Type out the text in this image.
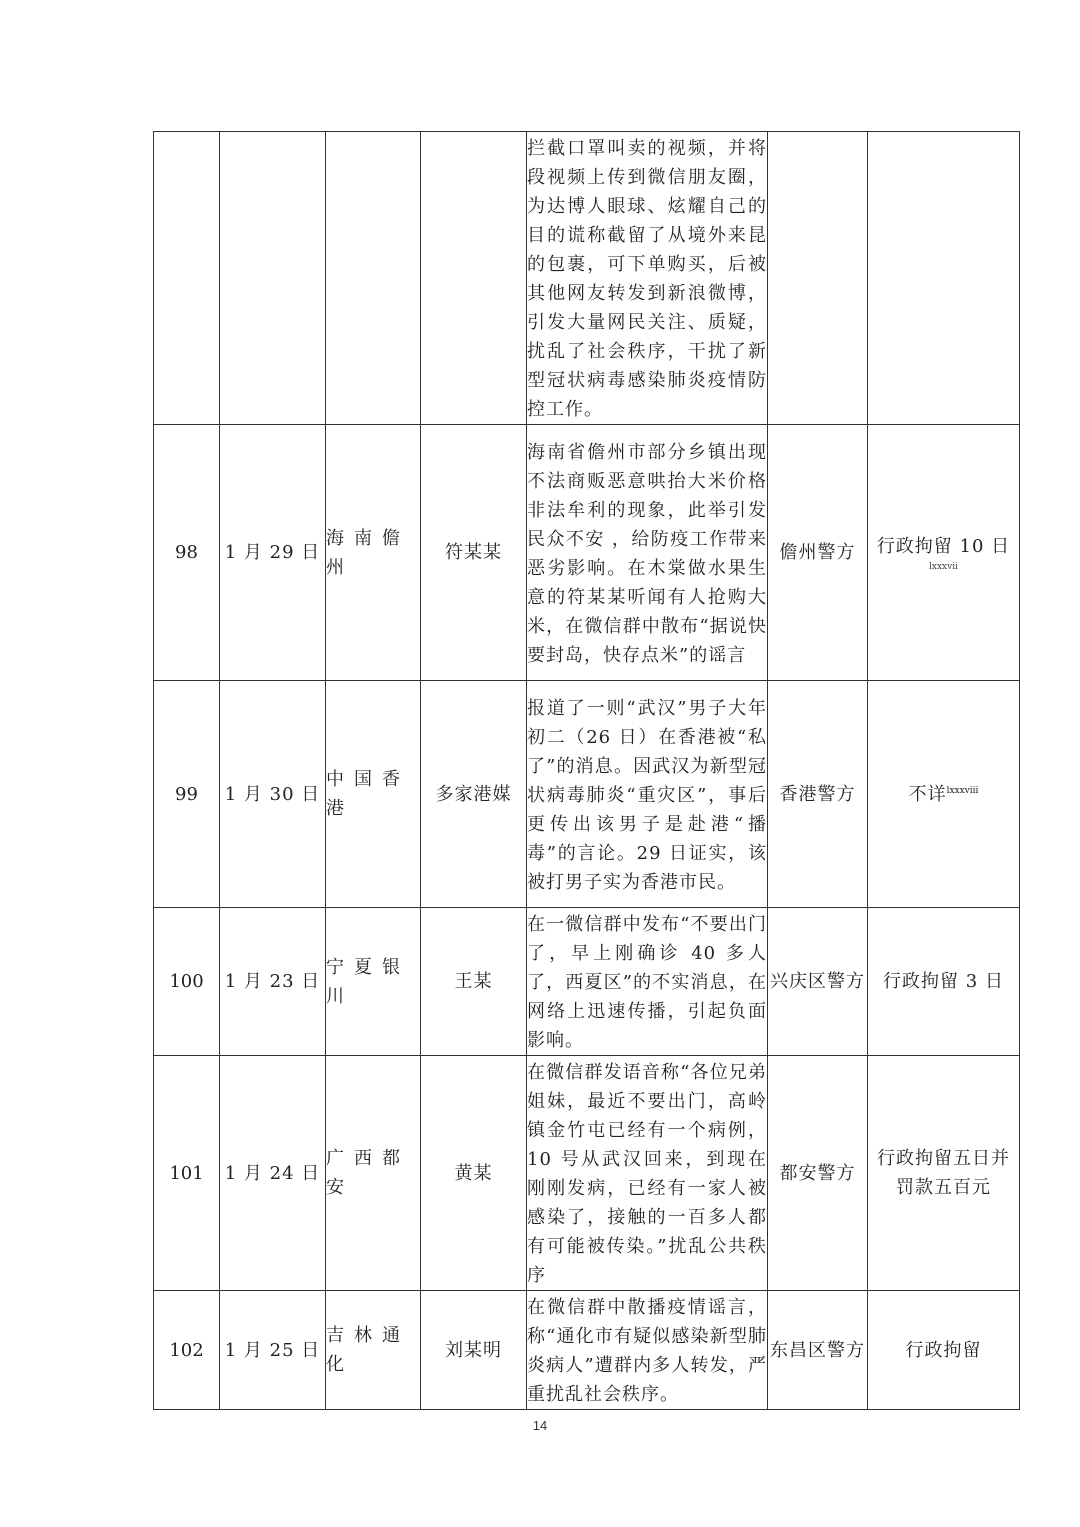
				拦截口罩叫卖的视频，并将段视频上传到微信朋友圈，为达博人眼球、炫耀自己的目的谎称截留了从境外来昆的包裹，可下单购买，后被其他网友转发到新浪微博，引发大量网民关注、质疑，扰乱了社会秩序，干扰了新型冠状病毒感染肺炎疫情防控工作。		

98	1 月 29 日	海南儋州	符某某	海南省儋州市部分乡镇出现不法商贩恶意哄抬大米价格非法牟利的现象，此举引发民众不安 ，给防疫工作带来恶劣影响。在木棠做水果生意的符某某听闻有人抢购大米，在微信群中散布“据说快要封岛，快存点米”的谣言	儋州警方	行政拘留 10 日
lxxxvii

99	1 月 30 日	中国香港	多家港媒	报道了一则“武汉”男子大年初二（26 日）在香港被“私了”的消息。因武汉为新型冠状病毒肺炎“重灾区”，事后更传出该男子是赴港“播毒”的言论。29 日证实，该被打男子实为香港市民。	香港警方	不详$^{lxxxviii}$
100	1 月 23 日	宁夏银川	王某	在一微信群中发布“不要出门了，早上刚确诊 40 多人了，西夏区”的不实消息，在网络上迅速传播，引起负面影响。	兴庆区警方	行政拘留 3 日
101	1 月 24 日	广西都安	黄某	在微信群发语音称“各位兄弟姐妹，最近不要出门，高岭镇金竹屯已经有一个病例，10 号从武汉回来，到现在刚刚发病，已经有一家人被感染了，接触的一百多人都有可能被传染。”扰乱公共秩序	都安警方	行政拘留五日并罚款五百元
102	1 月 25 日	吉林通化	刘某明	在微信群中散播疫情谣言，称“通化市有疑似感染新型肺炎病人”遭群内多人转发，严重扰乱社会秩序。	东昌区警方	行政拘留
14
